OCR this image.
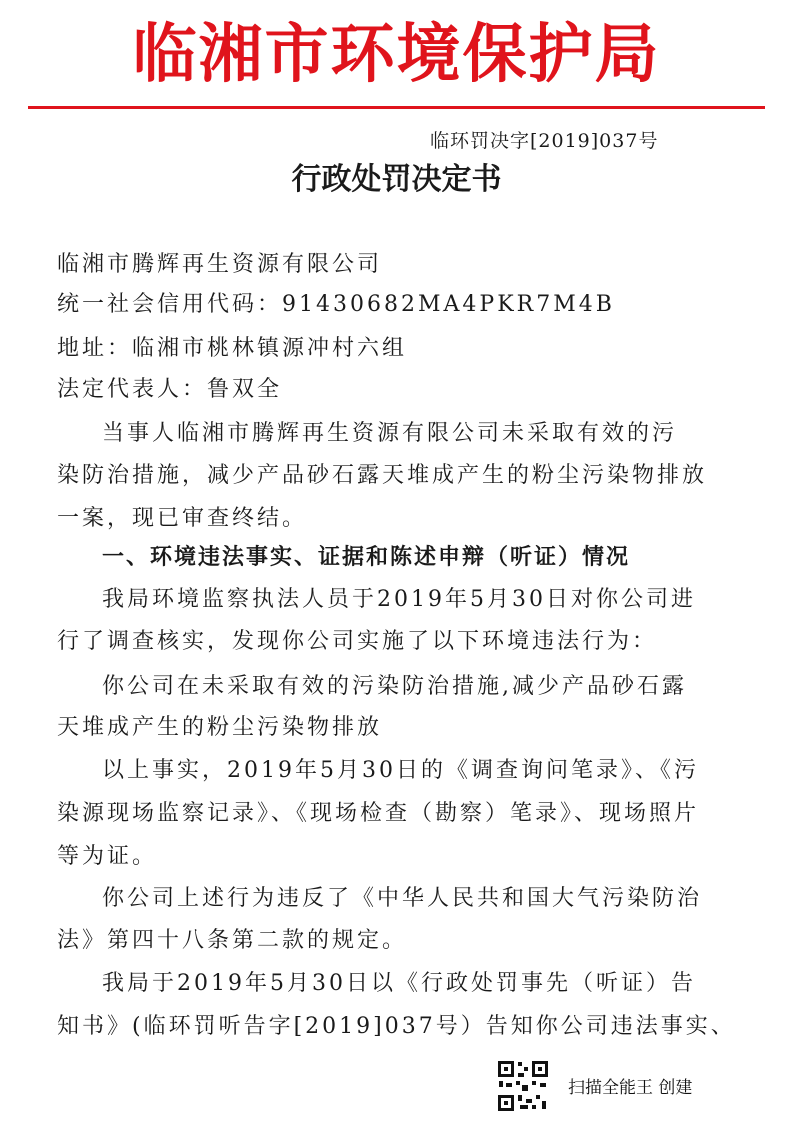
临湘市环境保护局
临环罚决字[2019]037号
行政处罚决定书
临湘市腾辉再生资源有限公司
统一社会信用代码：91430682MA4PKR7M4B
地址：临湘市桃林镇源冲村六组
法定代表人：鲁双全
当事人临湘市腾辉再生资源有限公司未采取有效的污
染防治措施，减少产品砂石露天堆成产生的粉尘污染物排放
一案，现已审查终结。
一、环境违法事实、证据和陈述申辩（听证）情况
我局环境监察执法人员于2019年5月30日对你公司进
行了调查核实，发现你公司实施了以下环境违法行为：
你公司在未采取有效的污染防治措施,减少产品砂石露
天堆成产生的粉尘污染物排放
以上事实，2019年5月30日的《调查询问笔录》、《污
染源现场监察记录》、《现场检查（勘察）笔录》、现场照片
等为证。
你公司上述行为违反了《中华人民共和国大气污染防治
法》第四十八条第二款的规定。
我局于2019年5月30日以《行政处罚事先（听证）告
知书》(临环罚听告字[2019]037号）告知你公司违法事实、
扫描全能王 创建
